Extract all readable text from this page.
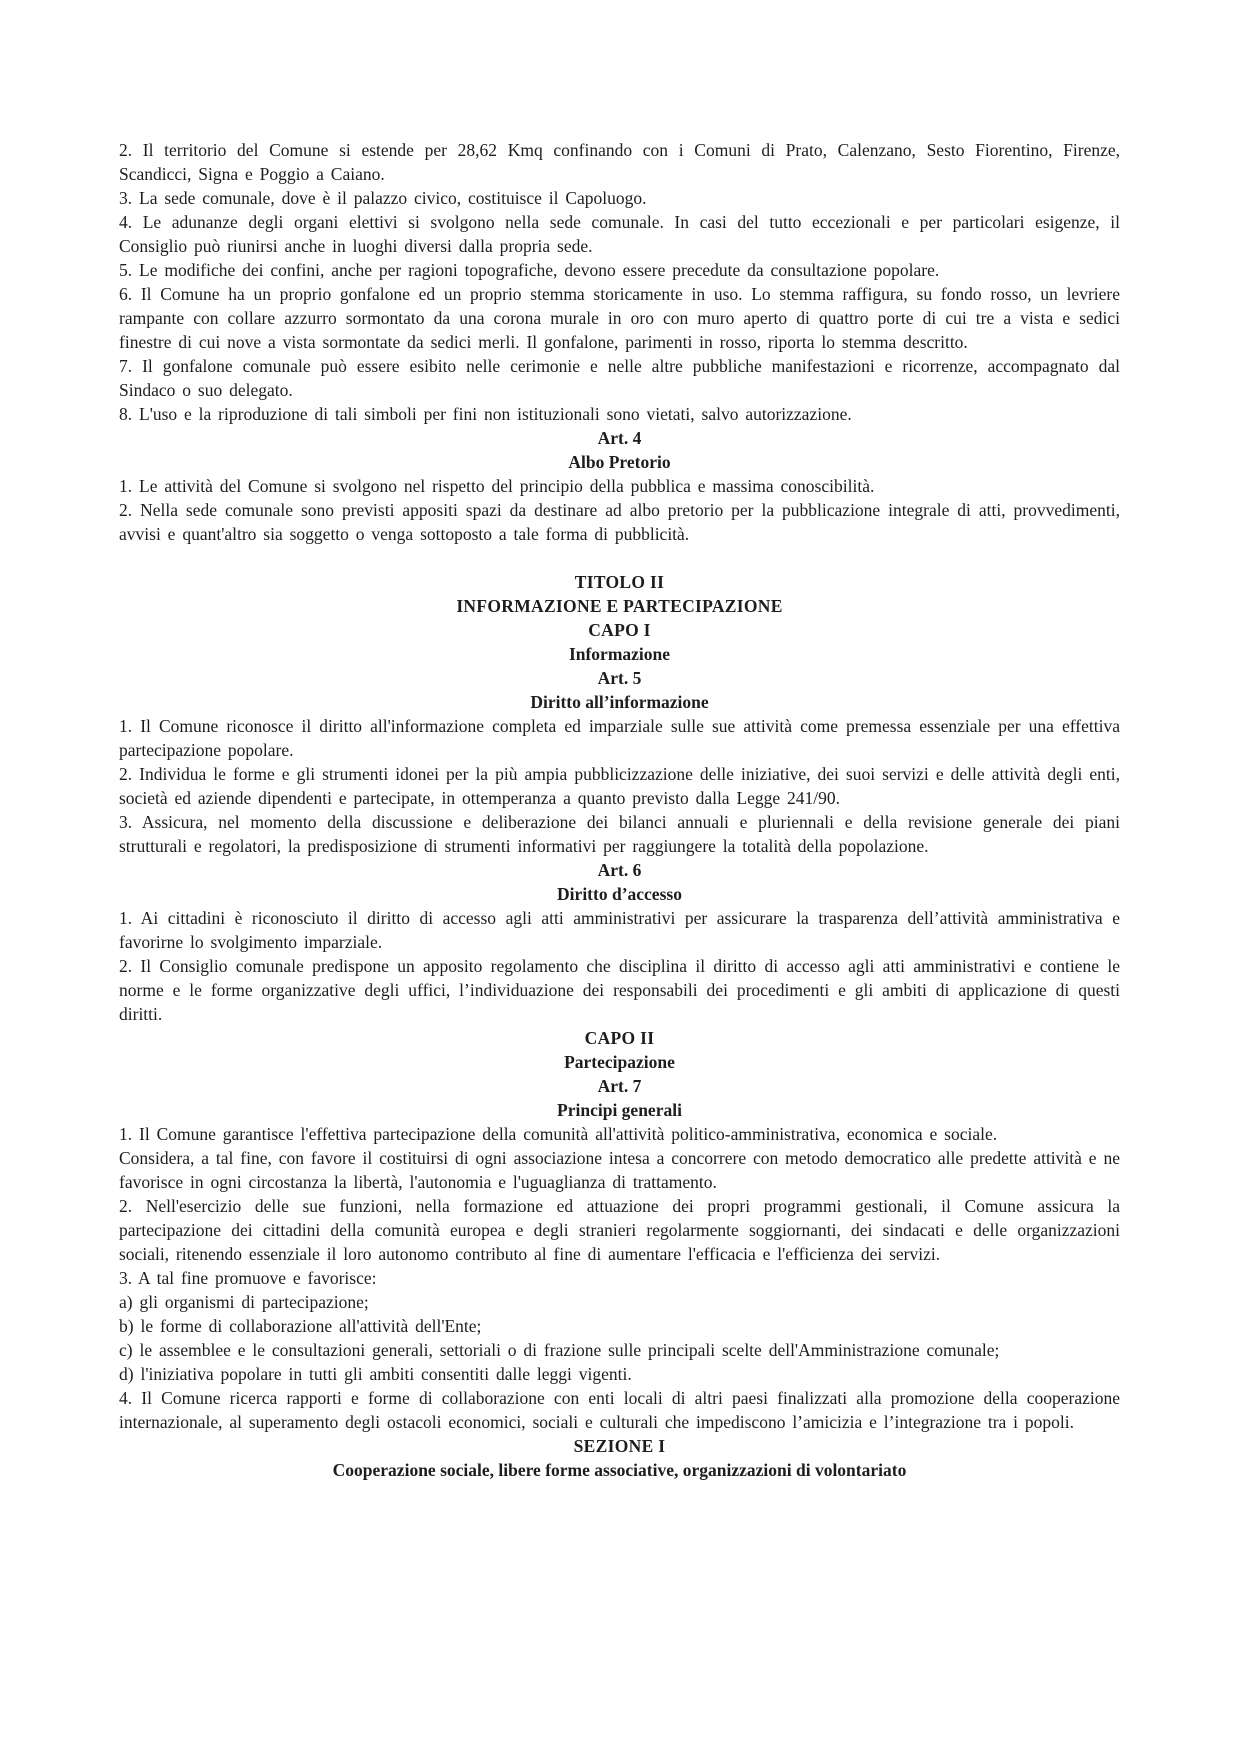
2. Il territorio del Comune si estende per 28,62 Kmq confinando con i Comuni di Prato, Calenzano, Sesto Fiorentino, Firenze, Scandicci, Signa e Poggio a Caiano.
3. La sede comunale, dove è il palazzo civico, costituisce il Capoluogo.
4. Le adunanze degli organi elettivi si svolgono nella sede comunale. In casi del tutto eccezionali e per particolari esigenze, il Consiglio può riunirsi anche in luoghi diversi dalla propria sede.
5. Le modifiche dei confini, anche per ragioni topografiche, devono essere precedute da consultazione popolare.
6. Il Comune ha un proprio gonfalone ed un proprio stemma storicamente in uso. Lo stemma raffigura, su fondo rosso, un levriere rampante con collare azzurro sormontato da una corona murale in oro con muro aperto di quattro porte di cui tre a vista e sedici finestre di cui nove a vista sormontate da sedici merli. Il gonfalone, parimenti in rosso, riporta lo stemma descritto.
7. Il gonfalone comunale può essere esibito nelle cerimonie e nelle altre pubbliche manifestazioni e ricorrenze, accompagnato dal Sindaco o suo delegato.
8. L'uso e la riproduzione di tali simboli per fini non istituzionali sono vietati, salvo autorizzazione.
Art. 4
Albo Pretorio
1. Le attività del Comune si svolgono nel rispetto del principio della pubblica e massima conoscibilità.
2. Nella sede comunale sono previsti appositi spazi da destinare ad albo pretorio per la pubblicazione integrale di atti, provvedimenti, avvisi e quant'altro sia soggetto o venga sottoposto a tale forma di pubblicità.
TITOLO II
INFORMAZIONE E PARTECIPAZIONE
CAPO I
Informazione
Art. 5
Diritto all’informazione
1. Il Comune riconosce il diritto all'informazione completa ed imparziale sulle sue attività come premessa essenziale per una effettiva partecipazione popolare.
2. Individua le forme e gli strumenti idonei per la più ampia pubblicizzazione delle iniziative, dei suoi servizi e delle attività degli enti, società ed aziende dipendenti e partecipate, in ottemperanza a quanto previsto dalla Legge 241/90.
3. Assicura, nel momento della discussione e deliberazione dei bilanci annuali e pluriennali e della revisione generale dei piani strutturali e regolatori, la predisposizione di strumenti informativi per raggiungere la totalità della popolazione.
Art. 6
Diritto d’accesso
1. Ai cittadini è riconosciuto il diritto di accesso agli atti amministrativi per assicurare la trasparenza dell’attività amministrativa e favorirne lo svolgimento imparziale.
2. Il Consiglio comunale predispone un apposito regolamento che disciplina il diritto di accesso agli atti amministrativi e contiene le norme e le forme organizzative degli uffici, l’individuazione dei responsabili dei procedimenti e gli ambiti di applicazione di questi diritti.
CAPO II
Partecipazione
Art. 7
Principi generali
1. Il Comune garantisce l'effettiva partecipazione della comunità all'attività politico-amministrativa, economica e sociale.
Considera, a tal fine, con favore il costituirsi di ogni associazione intesa a concorrere con metodo democratico alle predette attività e ne favorisce in ogni circostanza la libertà, l'autonomia e l'uguaglianza di trattamento.
2. Nell'esercizio delle sue funzioni, nella formazione ed attuazione dei propri programmi gestionali, il Comune assicura la partecipazione dei cittadini della comunità europea e degli stranieri regolarmente soggiornanti, dei sindacati e delle organizzazioni sociali, ritenendo essenziale il loro autonomo contributo al fine di aumentare l'efficacia e l'efficienza dei servizi.
3. A tal fine promuove e favorisce:
a) gli organismi di partecipazione;
b) le forme di collaborazione all'attività dell'Ente;
c) le assemblee e le consultazioni generali, settoriali o di frazione sulle principali scelte dell'Amministrazione comunale;
d) l'iniziativa popolare in tutti gli ambiti consentiti dalle leggi vigenti.
4. Il Comune ricerca rapporti e forme di collaborazione con enti locali di altri paesi finalizzati alla promozione della cooperazione internazionale, al superamento degli ostacoli economici, sociali e culturali che impediscono l’amicizia e l’integrazione tra i popoli.
SEZIONE I
Cooperazione sociale, libere forme associative, organizzazioni di volontariato
